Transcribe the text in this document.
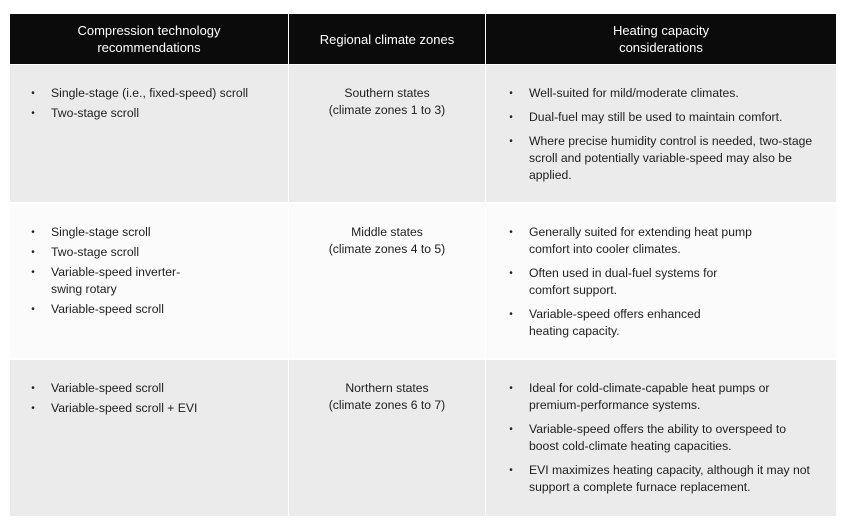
Compression technology recommendations
Regional climate zones
Heating capacity considerations
• Single-stage (i.e., fixed-speed) scroll
• Two-stage scroll
Southern states
(climate zones 1 to 3)
• Well-suited for mild/moderate climates.
• Dual-fuel may still be used to maintain comfort.
• Where precise humidity control is needed, two-stage scroll and potentially variable-speed may also be applied.
• Single-stage scroll
• Two-stage scroll
• Variable-speed inverter-swing rotary
• Variable-speed scroll
Middle states
(climate zones 4 to 5)
• Generally suited for extending heat pump comfort into cooler climates.
• Often used in dual-fuel systems for comfort support.
• Variable-speed offers enhanced heating capacity.
• Variable-speed scroll
• Variable-speed scroll + EVI
Northern states
(climate zones 6 to 7)
• Ideal for cold-climate-capable heat pumps or premium-performance systems.
• Variable-speed offers the ability to overspeed to boost cold-climate heating capacities.
• EVI maximizes heating capacity, although it may not support a complete furnace replacement.
